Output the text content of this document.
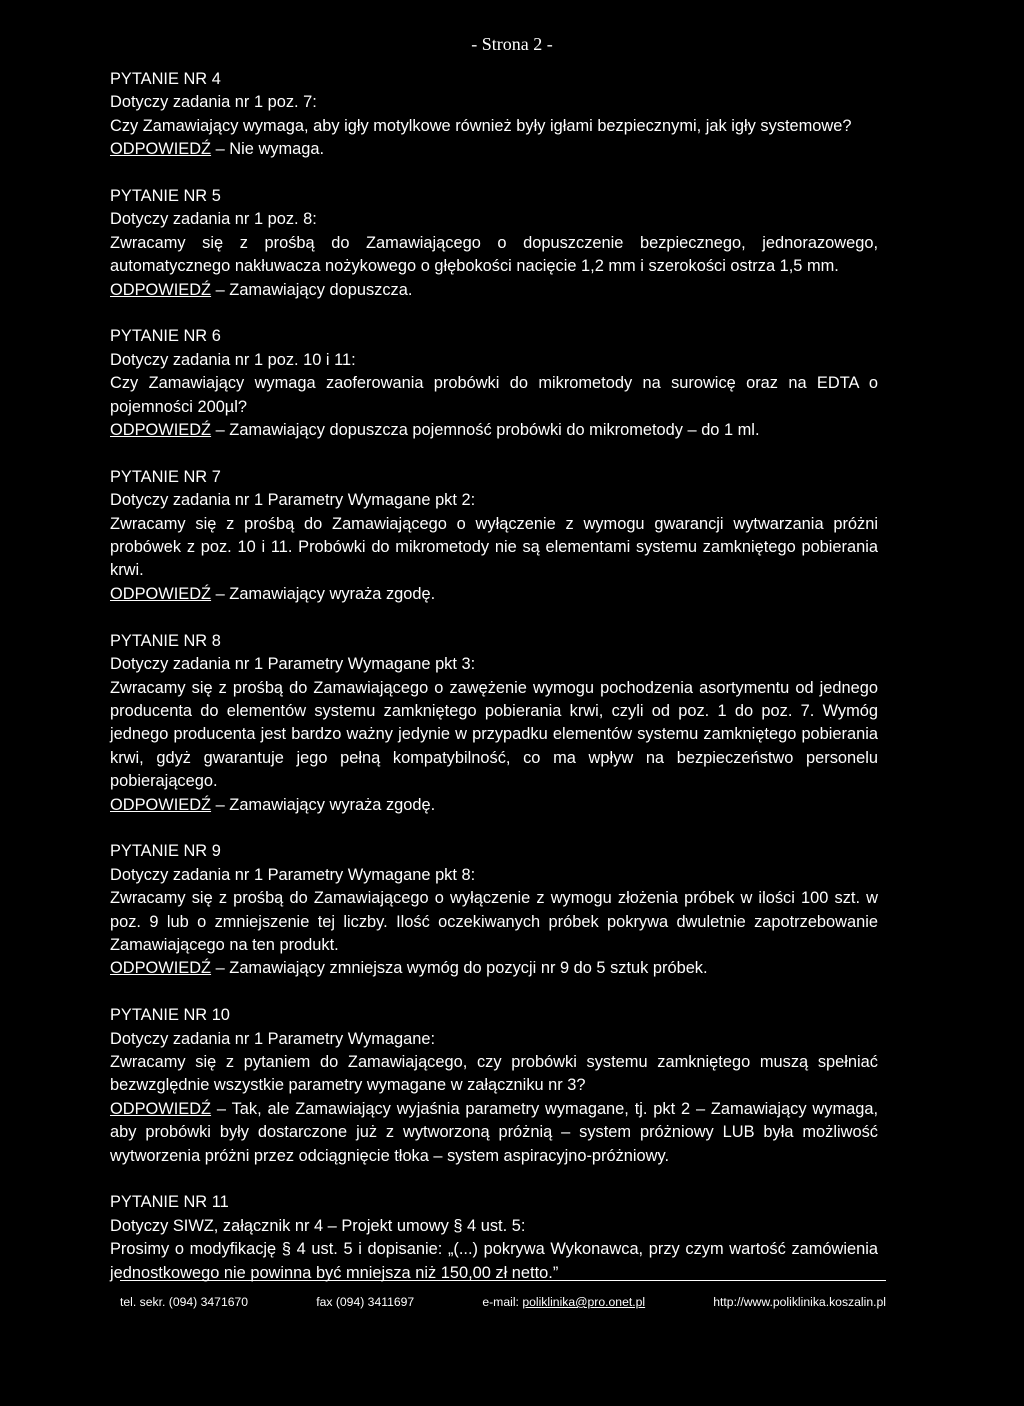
- Strona 2 -

PYTANIE NR 4

Dotyczy zadania nr 1 poz. 7:

Czy Zamawiający wymaga, aby igły motylkowe również były igłami bezpiecznymi, jak igły systemowe?

ODPOWIEDŹ – Nie wymaga.

PYTANIE NR 5

Dotyczy zadania nr 1 poz. 8:

Zwracamy się z prośbą do Zamawiającego o dopuszczenie bezpiecznego, jednorazowego, automatycznego nakłuwacza nożykowego o głębokości nacięcie 1,2 mm i szerokości ostrza 1,5 mm.

ODPOWIEDŹ – Zamawiający dopuszcza.

PYTANIE NR 6

Dotyczy zadania nr 1 poz. 10 i 11:

Czy Zamawiający wymaga zaoferowania probówki do mikrometody na surowicę oraz na EDTA o pojemności 200µl?

ODPOWIEDŹ – Zamawiający dopuszcza pojemność probówki do mikrometody – do 1 ml.

PYTANIE NR 7

Dotyczy zadania nr 1 Parametry Wymagane pkt 2:

Zwracamy się z prośbą do Zamawiającego o wyłączenie z wymogu gwarancji wytwarzania próżni probówek z poz. 10 i 11. Probówki do mikrometody nie są elementami systemu zamkniętego pobierania krwi.

ODPOWIEDŹ – Zamawiający wyraża zgodę.

PYTANIE NR 8

Dotyczy zadania nr 1 Parametry Wymagane pkt 3:

Zwracamy się z prośbą do Zamawiającego o zawężenie wymogu pochodzenia asortymentu od jednego producenta do elementów systemu zamkniętego pobierania krwi, czyli od poz. 1 do poz. 7. Wymóg jednego producenta jest bardzo ważny jedynie w przypadku elementów systemu zamkniętego pobierania krwi, gdyż gwarantuje jego pełną kompatybilność, co ma wpływ na bezpieczeństwo personelu pobierającego.

ODPOWIEDŹ – Zamawiający wyraża zgodę.

PYTANIE NR 9

Dotyczy zadania nr 1 Parametry Wymagane pkt 8:

Zwracamy się z prośbą do Zamawiającego o wyłączenie z wymogu złożenia próbek w ilości 100 szt. w poz. 9 lub o zmniejszenie tej liczby. Ilość oczekiwanych próbek pokrywa dwuletnie zapotrzebowanie Zamawiającego na ten produkt.

ODPOWIEDŹ – Zamawiający zmniejsza wymóg do pozycji nr 9 do 5 sztuk próbek.

PYTANIE NR 10

Dotyczy zadania nr 1 Parametry Wymagane:

Zwracamy się z pytaniem do Zamawiającego, czy probówki systemu zamkniętego muszą spełniać bezwzględnie wszystkie parametry wymagane w załączniku nr 3?

ODPOWIEDŹ – Tak, ale Zamawiający wyjaśnia parametry wymagane, tj. pkt 2 – Zamawiający wymaga, aby probówki były dostarczone już z wytworzoną próżnią – system próżniowy LUB była możliwość wytworzenia próżni przez odciągnięcie tłoka – system aspiracyjno-próżniowy.

PYTANIE NR 11

Dotyczy SIWZ, załącznik nr 4 – Projekt umowy § 4 ust. 5:

Prosimy o modyfikację § 4 ust. 5 i dopisanie: „(...) pokrywa Wykonawca, przy czym wartość zamówienia jednostkowego nie powinna być mniejsza niż 150,00 zł netto.”

tel. sekr. (094) 3471670	fax (094) 3411697	e-mail: poliklinika@pro.onet.pl	http://www.poliklinika.koszalin.pl
